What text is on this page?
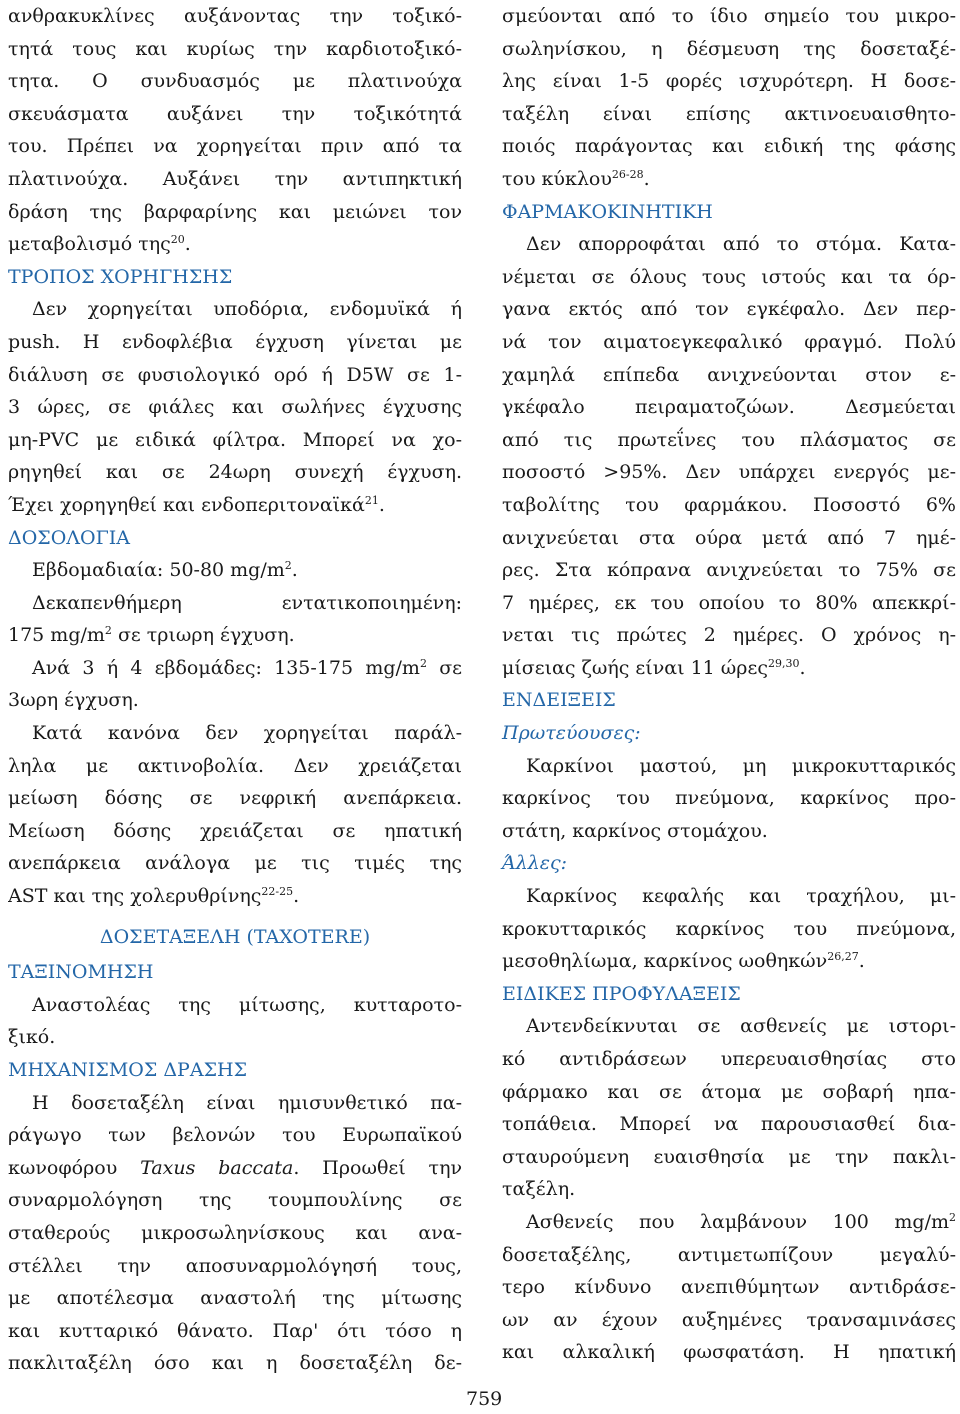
ανθρακυκλίνες αυξάνοντας την τοξικό-
τητά τους και κυρίως την καρδιοτοξικό-
τητα. Ο συνδυασμός με πλατινούχα
σκευάσματα αυξάνει την τοξικότητά
του. Πρέπει να χορηγείται πριν από τα
πλατινούχα. Αυξάνει την αντιπηκτική
δράση της βαρφαρίνης και μειώνει τον
μεταβολισμό της$^{20}$.
ΤΡΟΠΟΣ ΧΟΡΗΓΗΣΗΣ
Δεν χορηγείται υποδόρια, ενδομυϊκά ή
push. Η ενδοφλέβια έγχυση γίνεται με
διάλυση σε φυσιολογικό ορό ή D5W σε 1-
3 ώρες, σε φιάλες και σωλήνες έγχυσης
μη-PVC με ειδικά φίλτρα. Μπορεί να χο-
ρηγηθεί και σε 24ωρη συνεχή έγχυση.
Έχει χορηγηθεί και ενδοπεριτοναϊκά$^{21}$.
ΔΟΣΟΛΟΓΙΑ
Εβδομαδιαία: 50-80 $mg/m^2$.
Δεκαπενθήμερη εντατικοποιημένη:
175 $mg/m^2$ σε τριωρη έγχυση.
Ανά 3 ή 4 εβδομάδες: 135-175 $mg/m^2$ σε
3ωρη έγχυση.
Κατά κανόνα δεν χορηγείται παράλ-
ληλα με ακτινοβολία. Δεν χρειάζεται
μείωση δόσης σε νεφρική ανεπάρκεια.
Μείωση δόσης χρειάζεται σε ηπατική
ανεπάρκεια ανάλογα με τις τιμές της
AST και της χολερυθρίνης$^{22-25}$.
ΔΟΣΕΤΑΞΕΛΗ (TAXOTERE)
ΤΑΞΙΝΟΜΗΣΗ
Αναστολέας της μίτωσης, κυτταροτο-
ξικό.
ΜΗΧΑΝΙΣΜΟΣ ΔΡΑΣΗΣ
Η δοσεταξέλη είναι ημισυνθετικό πα-
ράγωγο των βελονών του Ευρωπαϊκού
κωνοφόρου Taxus baccata. Προωθεί την
συναρμολόγηση της τουμπουλίνης σε
σταθερούς μικροσωληνίσκους και ανα-
στέλλει την αποσυναρμολόγησή τους,
με αποτέλεσμα αναστολή της μίτωσης
και κυτταρικό θάνατο. Παρ' ότι τόσο η
πακλιταξέλη όσο και η δοσεταξέλη δε-
σμεύονται από το ίδιο σημείο του μικρο-
σωληνίσκου, η δέσμευση της δοσεταξέ-
λης είναι 1-5 φορές ισχυρότερη. Η δοσε-
ταξέλη είναι επίσης ακτινοευαισθητο-
ποιός παράγοντας και ειδική της φάσης
του κύκλου$^{26-28}$.
ΦΑΡΜΑΚΟΚΙΝΗΤΙΚΗ
Δεν απορροφάται από το στόμα. Κατα-
νέμεται σε όλους τους ιστούς και τα όρ-
γανα εκτός από τον εγκέφαλο. Δεν περ-
νά τον αιματοεγκεφαλικό φραγμό. Πολύ
χαμηλά επίπεδα ανιχνεύονται στον ε-
γκέφαλο πειραματοζώων. Δεσμεύεται
από τις πρωτεΐνες του πλάσματος σε
ποσοστό >95%. Δεν υπάρχει ενεργός με-
ταβολίτης του φαρμάκου. Ποσοστό 6%
ανιχνεύεται στα ούρα μετά από 7 ημέ-
ρες. Στα κόπρανα ανιχνεύεται το 75% σε
7 ημέρες, εκ του οποίου το 80% απεκκρί-
νεται τις πρώτες 2 ημέρες. Ο χρόνος η-
μίσειας ζωής είναι 11 ώρες$^{29,30}$.
ΕΝΔΕΙΞΕΙΣ
Πρωτεύουσες:
Καρκίνοι μαστού, μη μικροκυτταρικός
καρκίνος του πνεύμονα, καρκίνος προ-
στάτη, καρκίνος στομάχου.
Άλλες:
Καρκίνος κεφαλής και τραχήλου, μι-
κροκυτταρικός καρκίνος του πνεύμονα,
μεσοθηλίωμα, καρκίνος ωοθηκών$^{26,27}$.
ΕΙΔΙΚΕΣ ΠΡΟΦΥΛΑΞΕΙΣ
Αντενδείκνυται σε ασθενείς με ιστορι-
κό αντιδράσεων υπερευαισθησίας στο
φάρμακο και σε άτομα με σοβαρή ηπα-
τοπάθεια. Μπορεί να παρουσιασθεί δια-
σταυρούμενη ευαισθησία με την πακλι-
ταξέλη.
Ασθενείς που λαμβάνουν 100 $mg/m^2$
δοσεταξέλης, αντιμετωπίζουν μεγαλύ-
τερο κίνδυνο ανεπιθύμητων αντιδράσε-
ων αν έχουν αυξημένες τρανσαμινάσες
και αλκαλική φωσφατάση. Η ηπατική
759
